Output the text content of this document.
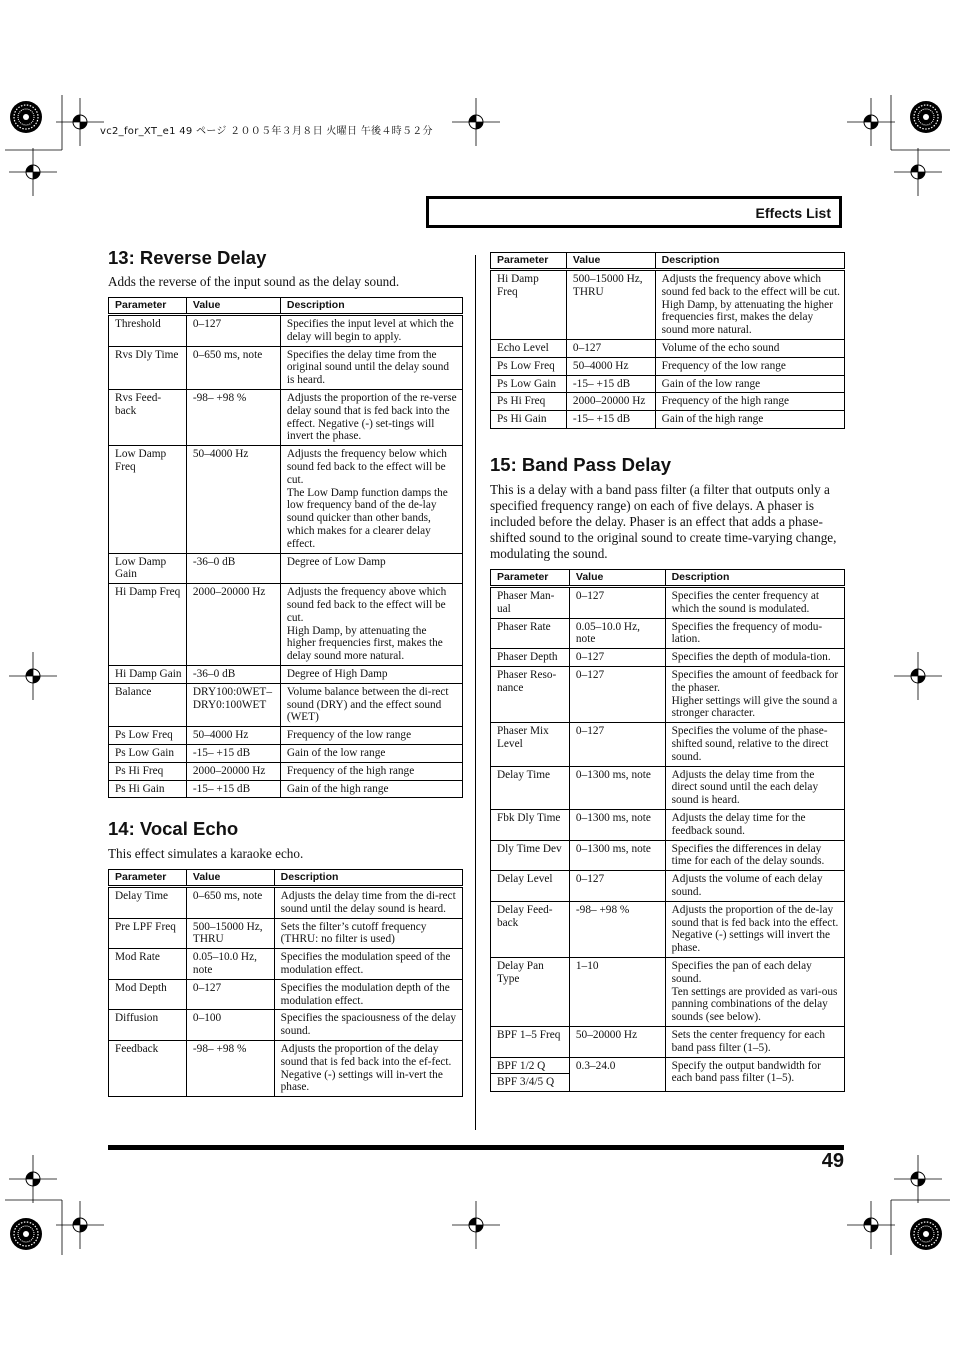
vc2_for_XT_e1 49 ページ ２００５年３月８日 火曜日 午後４時５２分
Effects List
13: Reverse Delay

Adds the reverse of the input sound as the delay sound.

Parameter	Value	Description
Threshold	0–127	Specifies the input level at which the delay will begin to apply.
Rvs Dly Time	0–650 ms, note	Specifies the delay time from the original sound until the delay sound is heard.
Rvs Feed-back	-98– +98 %	Adjusts the proportion of the re-verse delay sound that is fed back into the effect. Negative (-) set-tings will invert the phase.
Low Damp Freq	50–4000 Hz	Adjusts the frequency below which sound fed back to the effect will be cut.
The Low Damp function damps the low frequency band of the de-lay sound quicker than other bands, which makes for a clearer delay effect.
Low Damp Gain	-36–0 dB	Degree of Low Damp
Hi Damp Freq	2000–20000 Hz	Adjusts the frequency above which sound fed back to the effect will be cut.
High Damp, by attenuating the higher frequencies first, makes the delay sound more natural.
Hi Damp Gain	-36–0 dB	Degree of High Damp
Balance	DRY100:0WET–DRY0:100WET	Volume balance between the di-rect sound (DRY) and the effect sound (WET)
Ps Low Freq	50–4000 Hz	Frequency of the low range
Ps Low Gain	-15– +15 dB	Gain of the low range
Ps Hi Freq	2000–20000 Hz	Frequency of the high range
Ps Hi Gain	-15– +15 dB	Gain of the high range
14: Vocal Echo

This effect simulates a karaoke echo.

Parameter	Value	Description
Delay Time	0–650 ms, note	Adjusts the delay time from the di-rect sound until the delay sound is heard.
Pre LPF Freq	500–15000 Hz, THRU	Sets the filter’s cutoff frequency (THRU: no filter is used)
Mod Rate	0.05–10.0 Hz, note	Specifies the modulation speed of the modulation effect.
Mod Depth	0–127	Specifies the modulation depth of the modulation effect.
Diffusion	0–100	Specifies the spaciousness of the delay sound.
Feedback	-98– +98 %	Adjusts the proportion of the delay sound that is fed back into the ef-fect. Negative (-) settings will in-vert the phase.
Parameter	Value	Description
Hi Damp Freq	500–15000 Hz, THRU	Adjusts the frequency above which sound fed back to the effect will be cut.
High Damp, by attenuating the higher frequencies first, makes the delay sound more natural.
Echo Level	0–127	Volume of the echo sound
Ps Low Freq	50–4000 Hz	Frequency of the low range
Ps Low Gain	-15– +15 dB	Gain of the low range
Ps Hi Freq	2000–20000 Hz	Frequency of the high range
Ps Hi Gain	-15– +15 dB	Gain of the high range
15: Band Pass Delay

This is a delay with a band pass filter (a filter that outputs only a specified frequency range) on each of five delays. A phaser is included before the delay. Phaser is an effect that adds a phase-shifted sound to the original sound to create time-varying change, modulating the sound.

Parameter	Value	Description
Phaser Man-ual	0–127	Specifies the center frequency at which the sound is modulated.
Phaser Rate	0.05–10.0 Hz, note	Specifies the frequency of modu-lation.
Phaser Depth	0–127	Specifies the depth of modula-tion.
Phaser Reso-nance	0–127	Specifies the amount of feedback for the phaser.
Higher settings will give the sound a stronger character.
Phaser Mix Level	0–127	Specifies the volume of the phase-shifted sound, relative to the direct sound.
Delay Time	0–1300 ms, note	Adjusts the delay time from the direct sound until the each delay sound is heard.
Fbk Dly Time	0–1300 ms, note	Adjusts the delay time for the feedback sound.
Dly Time Dev	0–1300 ms, note	Specifies the differences in delay time for each of the delay sounds.
Delay Level	0–127	Adjusts the volume of each delay sound.
Delay Feed-back	-98– +98 %	Adjusts the proportion of the de-lay sound that is fed back into the effect. Negative (-) settings will invert the phase.
Delay Pan Type	1–10	Specifies the pan of each delay sound.
Ten settings are provided as vari-ous panning combinations of the delay sounds (see below).
BPF 1–5 Freq	50–20000 Hz	Sets the center frequency for each band pass filter (1–5).
BPF 1/2 Q	0.3–24.0	Specify the output bandwidth for each band pass filter (1–5).
BPF 3/4/5 Q		
49
